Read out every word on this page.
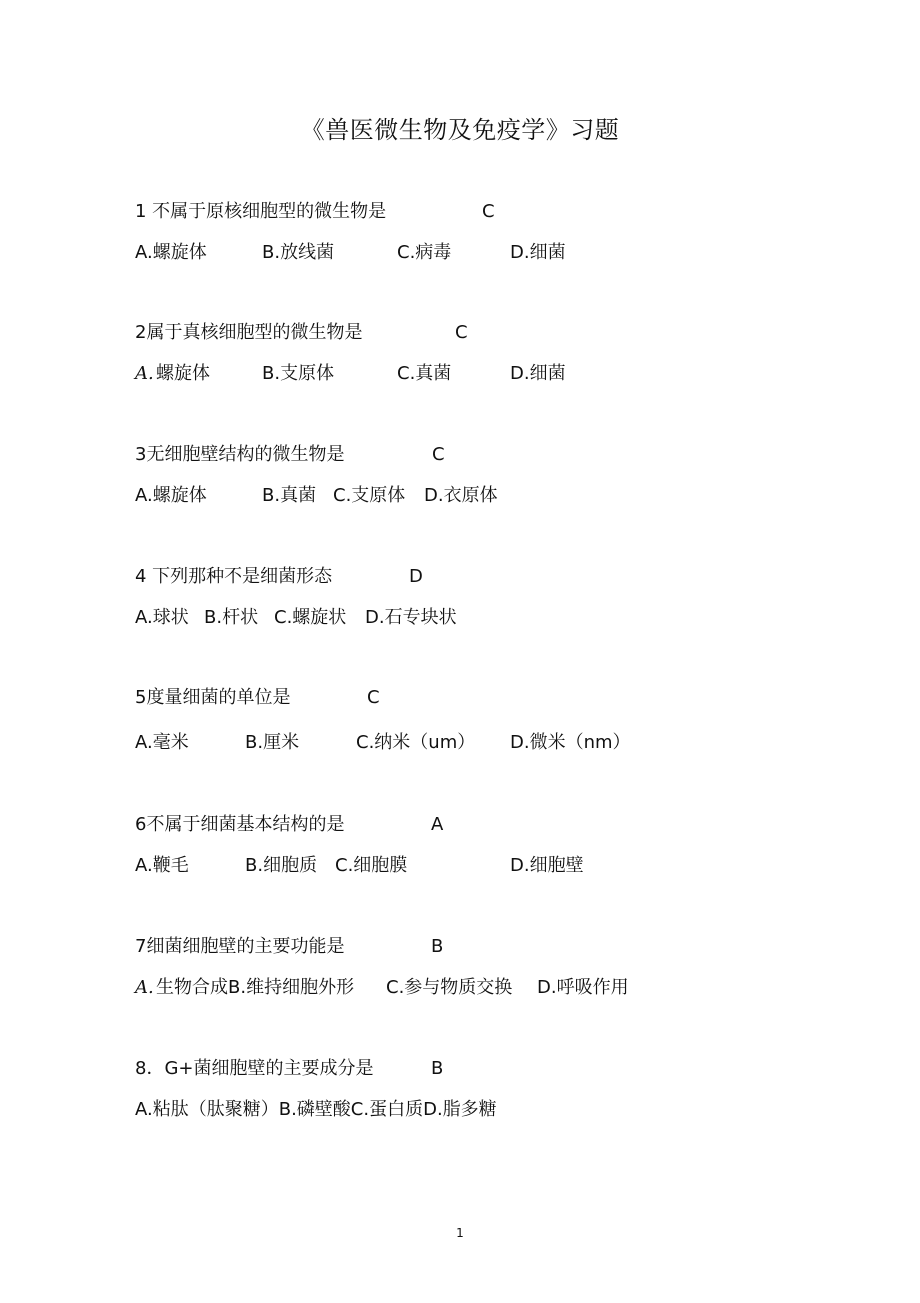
《兽医微生物及免疫学》习题
1 不属于原核细胞型的微生物是	C
A.螺旋体	B.放线菌	C.病毒	D.细菌
2属于真核细胞型的微生物是	C
A. 螺旋体	B.支原体	C.真菌	D.细菌
3无细胞壁结构的微生物是	C
A.螺旋体	B.真菌 C.支原体 D.衣原体
4 下列那种不是细菌形态	D
A.球状 B.杆状 C.螺旋状 D.石专块状
5度量细菌的单位是	C
A.毫米	B.厘米	C.纳米（um） D.微米（nm）
6不属于细菌基本结构的是	A
A.鞭毛	B.细胞质 C.细胞膜	D.细胞壁
7细菌细胞壁的主要功能是	B
A. 生物合成B.维持细胞外形 C.参与物质交换 D.呼吸作用
8．G+菌细胞壁的主要成分是	B
A.粘肽（肽聚糖）B.磷壁酸C.蛋白质D.脂多糖
1
